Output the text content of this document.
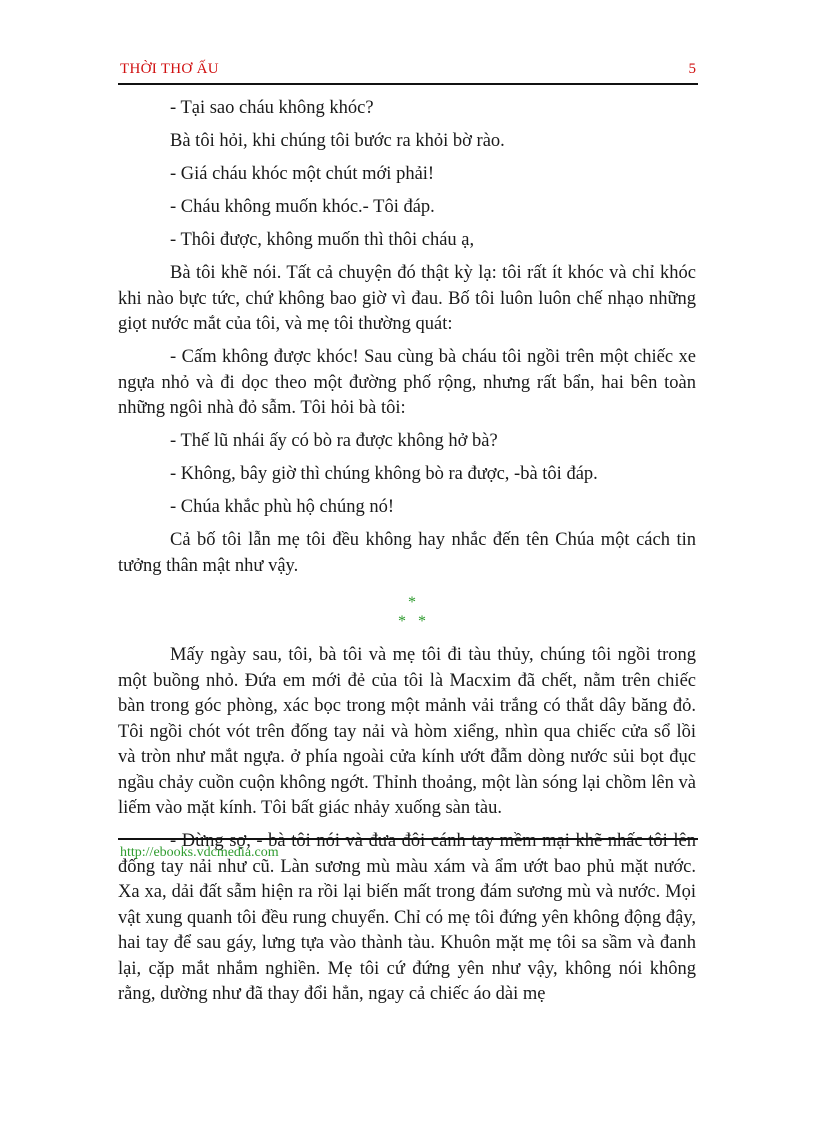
THỜI THƠ ẤU	5

- Tại sao cháu không khóc?

Bà tôi hỏi, khi chúng tôi bước ra khỏi bờ rào.

- Giá cháu khóc một chút mới phải!

- Cháu không muốn khóc.- Tôi đáp.

- Thôi được, không muốn thì thôi cháu ạ,

Bà tôi khẽ nói. Tất cả chuyện đó thật kỳ lạ: tôi rất ít khóc và chỉ khóc khi nào bực tức, chứ không bao giờ vì đau. Bố tôi luôn luôn chế nhạo những giọt nước mắt của tôi, và mẹ tôi thường quát:

- Cấm không được khóc! Sau cùng bà cháu tôi ngồi trên một chiếc xe ngựa nhỏ và đi dọc theo một đường phố rộng, nhưng rất bẩn, hai bên toàn những ngôi nhà đỏ sẫm. Tôi hỏi bà tôi:

- Thế lũ nhái ấy có bò ra được không hở bà?

- Không, bây giờ thì chúng không bò ra được, -bà tôi đáp.

- Chúa khắc phù hộ chúng nó!

Cả bố tôi lẫn mẹ tôi đều không hay nhắc đến tên Chúa một cách tin tưởng thân mật như vậy.

*
*   *

Mấy ngày sau, tôi, bà tôi và mẹ tôi đi tàu thủy, chúng tôi ngồi trong một buồng nhỏ. Đứa em mới đẻ của tôi là Macxim đã chết, nằm trên chiếc bàn trong góc phòng, xác bọc trong một mảnh vải trắng có thắt dây băng đỏ. Tôi ngồi chót vót trên đống tay nải và hòm xiểng, nhìn qua chiếc cửa sổ lồi và tròn như mắt ngựa. ở phía ngoài cửa kính ướt đẫm dòng nước sủi bọt đục ngầu chảy cuồn cuộn không ngớt. Thỉnh thoảng, một làn sóng lại chồm lên và liếm vào mặt kính. Tôi bất giác nhảy xuống sàn tàu.

- Đừng sợ, - bà tôi nói và đưa đôi cánh tay mềm mại khẽ nhấc tôi lên đống tay nải như cũ. Làn sương mù màu xám và ẩm ướt bao phủ mặt nước. Xa xa, dải đất sẫm hiện ra rồi lại biến mất trong đám sương mù và nước. Mọi vật xung quanh tôi đều rung chuyển. Chỉ có mẹ tôi đứng yên không động đậy, hai tay để sau gáy, lưng tựa vào thành tàu. Khuôn mặt mẹ tôi sa sầm và đanh lại, cặp mắt nhắm nghiền. Mẹ tôi cứ đứng yên như vậy, không nói không rằng, dường như đã thay đổi hẳn, ngay cả chiếc áo dài mẹ

http://ebooks.vdcmedia.com
